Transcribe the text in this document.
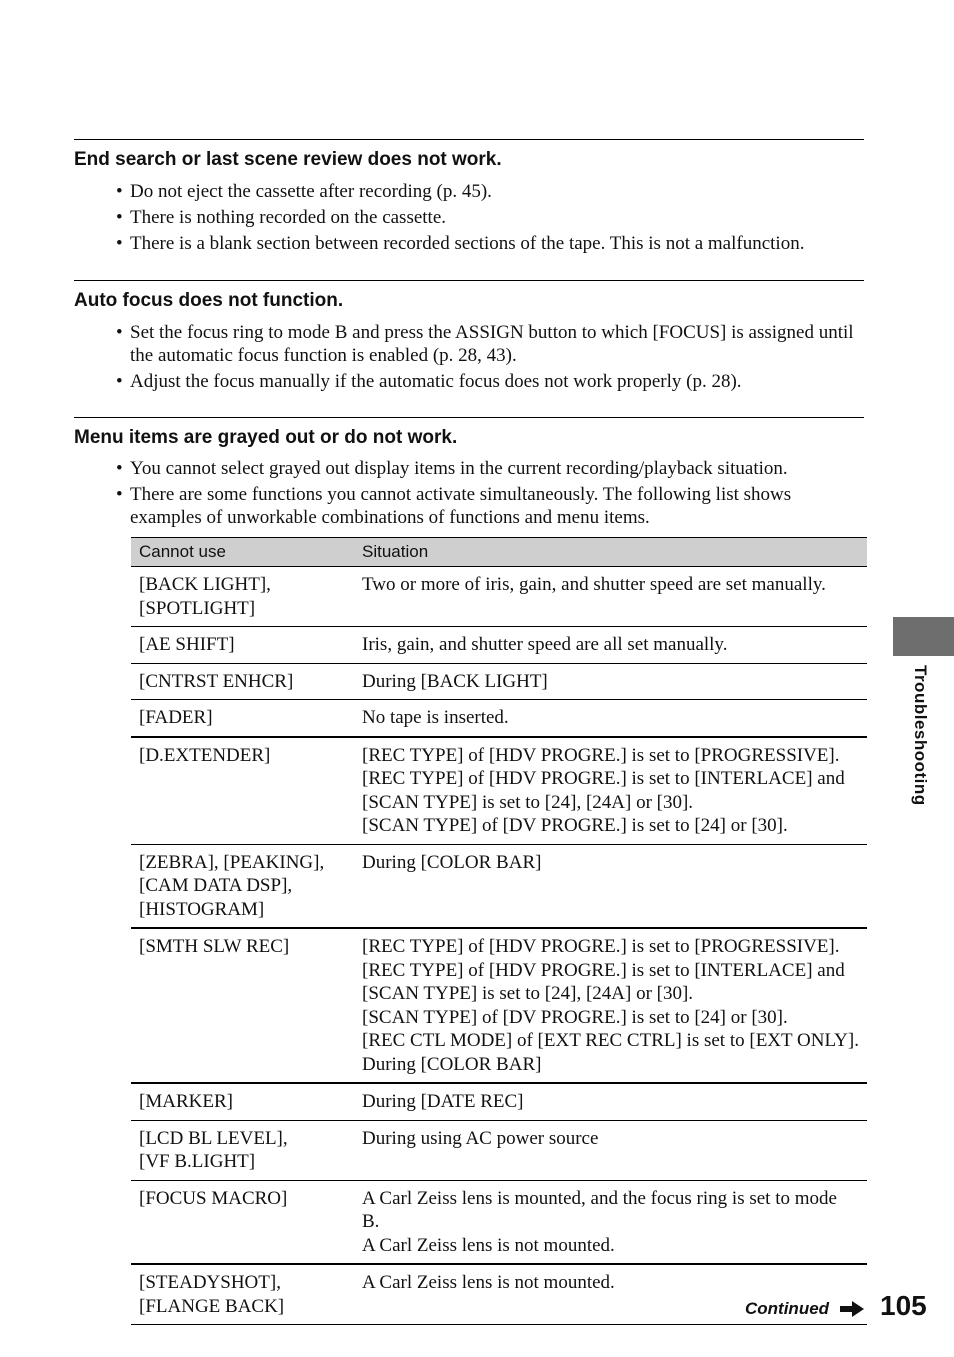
End search or last scene review does not work.
• Do not eject the cassette after recording (p. 45).
• There is nothing recorded on the cassette.
• There is a blank section between recorded sections of the tape. This is not a malfunction.
Auto focus does not function.
• Set the focus ring to mode B and press the ASSIGN button to which [FOCUS] is assigned until the automatic focus function is enabled (p. 28, 43).
• Adjust the focus manually if the automatic focus does not work properly (p. 28).
Menu items are grayed out or do not work.
• You cannot select grayed out display items in the current recording/playback situation.
• There are some functions you cannot activate simultaneously. The following list shows examples of unworkable combinations of functions and menu items.
Cannot use	Situation
[BACK LIGHT],
[SPOTLIGHT]	Two or more of iris, gain, and shutter speed are set manually.
[AE SHIFT]	Iris, gain, and shutter speed are all set manually.
[CNTRST ENHCR]	During [BACK LIGHT]
[FADER]	No tape is inserted.
[D.EXTENDER]	[REC TYPE] of [HDV PROGRE.] is set to [PROGRESSIVE].
[REC TYPE] of [HDV PROGRE.] is set to [INTERLACE] and [SCAN TYPE] is set to [24], [24A] or [30].
[SCAN TYPE] of [DV PROGRE.] is set to [24] or [30].
[ZEBRA], [PEAKING],
[CAM DATA DSP],
[HISTOGRAM]	During [COLOR BAR]
[SMTH SLW REC]	[REC TYPE] of [HDV PROGRE.] is set to [PROGRESSIVE].
[REC TYPE] of [HDV PROGRE.] is set to [INTERLACE] and [SCAN TYPE] is set to [24], [24A] or [30].
[SCAN TYPE] of [DV PROGRE.] is set to [24] or [30].
[REC CTL MODE] of [EXT REC CTRL] is set to [EXT ONLY].
During [COLOR BAR]
[MARKER]	During [DATE REC]
[LCD BL LEVEL],
[VF B.LIGHT]	During using AC power source
[FOCUS MACRO]	A Carl Zeiss lens is mounted, and the focus ring is set to mode B.
A Carl Zeiss lens is not mounted.
[STEADYSHOT],
[FLANGE BACK]	A Carl Zeiss lens is not mounted.
Troubleshooting
Continued 105
